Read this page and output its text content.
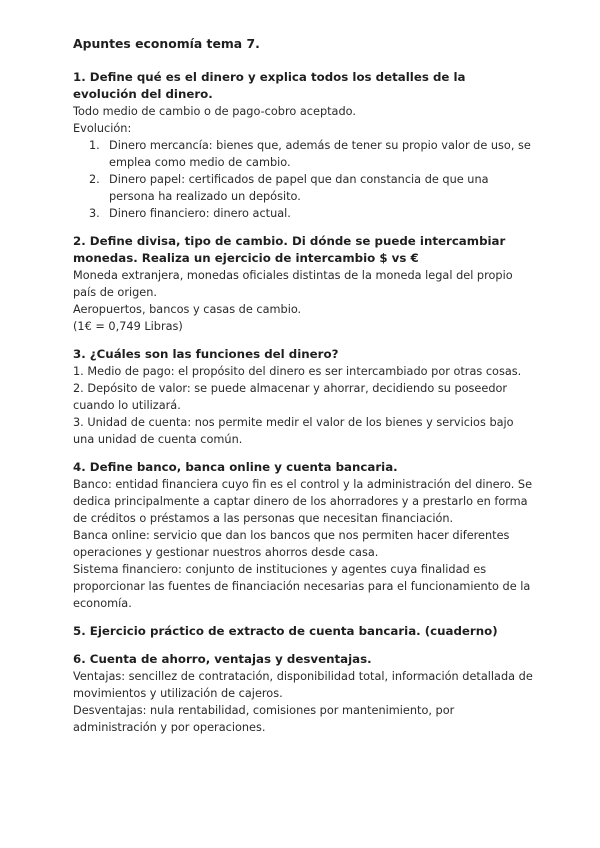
Apuntes economía tema 7.

1. Define qué es el dinero y explica todos los detalles de la evolución del dinero.

Todo medio de cambio o de pago-cobro aceptado.

Evolución:

1. Dinero mercancía: bienes que, además de tener su propio valor de uso, se emplea como medio de cambio.
2. Dinero papel: certificados de papel que dan constancia de que una persona ha realizado un depósito.
3. Dinero financiero: dinero actual.

2. Define divisa, tipo de cambio. Di dónde se puede intercambiar monedas. Realiza un ejercicio de intercambio $ vs €

Moneda extranjera, monedas oficiales distintas de la moneda legal del propio país de origen.

Aeropuertos, bancos y casas de cambio.

(1€ = 0,749 Libras)

3. ¿Cuáles son las funciones del dinero?

1. Medio de pago: el propósito del dinero es ser intercambiado por otras cosas.

2. Depósito de valor: se puede almacenar y ahorrar, decidiendo su poseedor cuando lo utilizará.

3. Unidad de cuenta: nos permite medir el valor de los bienes y servicios bajo una unidad de cuenta común.

4. Define banco, banca online y cuenta bancaria.

Banco: entidad financiera cuyo fin es el control y la administración del dinero. Se dedica principalmente a captar dinero de los ahorradores y a prestarlo en forma de créditos o préstamos a las personas que necesitan financiación.

Banca online: servicio que dan los bancos que nos permiten hacer diferentes operaciones y gestionar nuestros ahorros desde casa.

Sistema financiero: conjunto de instituciones y agentes cuya finalidad es proporcionar las fuentes de financiación necesarias para el funcionamiento de la economía.

5. Ejercicio práctico de extracto de cuenta bancaria. (cuaderno)

6. Cuenta de ahorro, ventajas y desventajas.

Ventajas: sencillez de contratación, disponibilidad total, información detallada de movimientos y utilización de cajeros.

Desventajas: nula rentabilidad, comisiones por mantenimiento, por administración y por operaciones.
